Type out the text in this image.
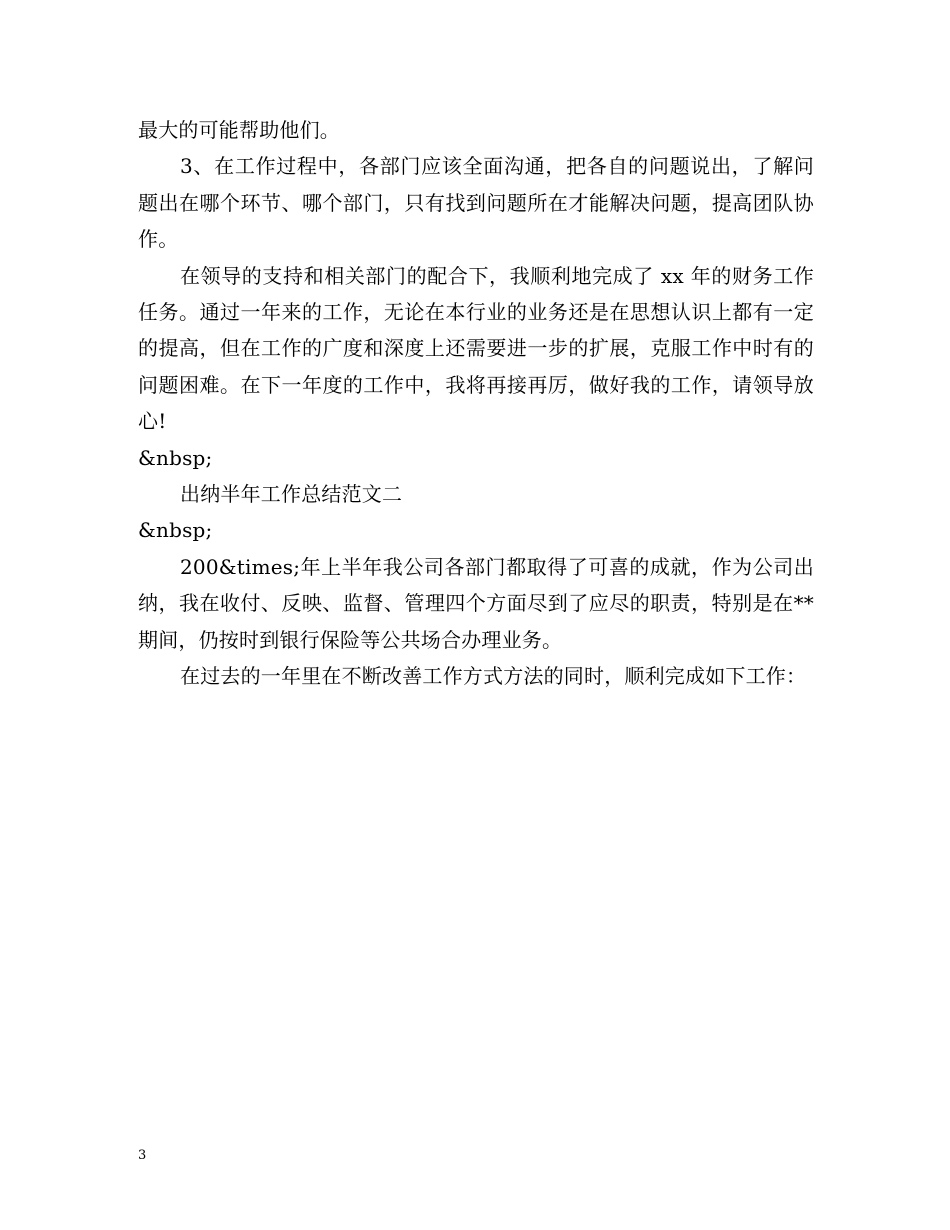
最大的可能帮助他们。

3、在工作过程中，各部门应该全面沟通，把各自的问题说出，了解问题出在哪个环节、哪个部门，只有找到问题所在才能解决问题，提高团队协作。

在领导的支持和相关部门的配合下，我顺利地完成了 xx 年的财务工作任务。通过一年来的工作，无论在本行业的业务还是在思想认识上都有一定的提高，但在工作的广度和深度上还需要进一步的扩展，克服工作中时有的问题困难。在下一年度的工作中，我将再接再厉，做好我的工作，请领导放心!

&nbsp;

出纳半年工作总结范文二

&nbsp;

200&times;年上半年我公司各部门都取得了可喜的成就，作为公司出纳，我在收付、反映、监督、管理四个方面尽到了应尽的职责，特别是在**期间，仍按时到银行保险等公共场合办理业务。

在过去的一年里在不断改善工作方式方法的同时，顺利完成如下工作：

3
